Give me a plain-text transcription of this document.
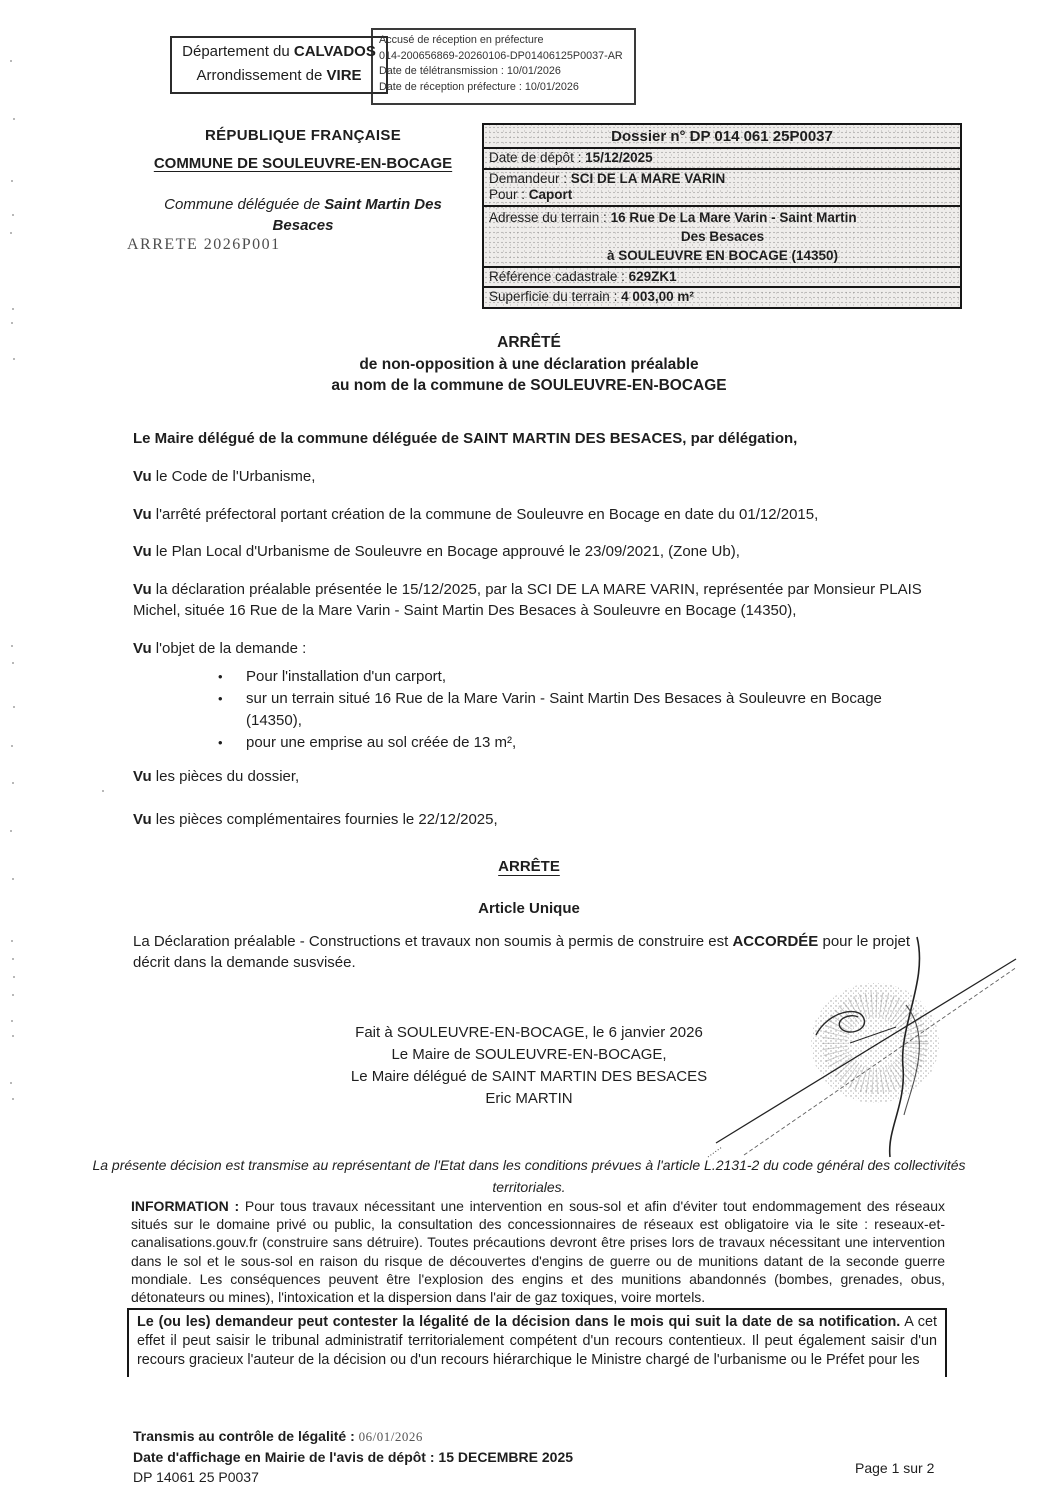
Département du CALVADOS
Arrondissement de VIRE
Accusé de réception en préfecture
014-200656869-20260106-DP01406125P0037-AR
Date de télétransmission : 10/01/2026
Date de réception préfecture : 10/01/2026
RÉPUBLIQUE FRANÇAISE
COMMUNE DE SOULEUVRE-EN-BOCAGE
Commune déléguée de Saint Martin Des Besaces
ARRETE 2026P001
Dossier n° DP 014 061 25P0037
Date de dépôt : 15/12/2025
Demandeur : SCI DE LA MARE VARIN
Pour : Caport
Adresse du terrain : 16 Rue De La Mare Varin - Saint Martin
Des Besaces
à SOULEUVRE EN BOCAGE (14350)
Référence cadastrale : 629ZK1
Superficie du terrain : 4 003,00 m²
ARRÊTÉ
de non-opposition à une déclaration préalable
au nom de la commune de SOULEUVRE-EN-BOCAGE
Le Maire délégué de la commune déléguée de SAINT MARTIN DES BESACES, par délégation,
Vu le Code de l'Urbanisme,
Vu l'arrêté préfectoral portant création de la commune de Souleuvre en Bocage en date du 01/12/2015,
Vu le Plan Local d'Urbanisme de Souleuvre en Bocage approuvé le 23/09/2021, (Zone Ub),
Vu la déclaration préalable présentée le 15/12/2025, par la SCI DE LA MARE VARIN, représentée par Monsieur PLAIS Michel, située 16 Rue de la Mare Varin - Saint Martin Des Besaces à Souleuvre en Bocage (14350),
Vu l'objet de la demande :
•
Pour l'installation d'un carport,
•
sur un terrain situé 16 Rue de la Mare Varin - Saint Martin Des Besaces à Souleuvre en Bocage (14350),
•
pour une emprise au sol créée de 13 m²,
Vu les pièces du dossier,
Vu les pièces complémentaires fournies le 22/12/2025,
ARRÊTE
Article Unique
La Déclaration préalable - Constructions et travaux non soumis à permis de construire est ACCORDÉE pour le projet décrit dans la demande susvisée.
Fait à SOULEUVRE-EN-BOCAGE, le 6 janvier 2026
Le Maire de SOULEUVRE-EN-BOCAGE,
Le Maire délégué de SAINT MARTIN DES BESACES
Eric MARTIN
La présente décision est transmise au représentant de l'Etat dans les conditions prévues à l'article L.2131-2 du code général des collectivités territoriales.
INFORMATION : Pour tous travaux nécessitant une intervention en sous-sol et afin d'éviter tout endommagement des réseaux situés sur le domaine privé ou public, la consultation des concessionnaires de réseaux est obligatoire via le site : reseaux-et-canalisations.gouv.fr (construire sans détruire). Toutes précautions devront être prises lors de travaux nécessitant une intervention dans le sol et le sous-sol en raison du risque de découvertes d'engins de guerre ou de munitions datant de la seconde guerre mondiale. Les conséquences peuvent être l'explosion des engins et des munitions abandonnés (bombes, grenades, obus, détonateurs ou mines), l'intoxication et la dispersion dans l'air de gaz toxiques, voire mortels.
Le (ou les) demandeur peut contester la légalité de la décision dans le mois qui suit la date de sa notification. A cet effet il peut saisir le tribunal administratif territorialement compétent d'un recours contentieux. Il peut également saisir d'un recours gracieux l'auteur de la décision ou d'un recours hiérarchique le Ministre chargé de l'urbanisme ou le Préfet pour les
Transmis au contrôle de légalité : 06/01/2026
Date d'affichage en Mairie de l'avis de dépôt : 15 DECEMBRE 2025
DP 14061 25 P0037
Page 1 sur 2
